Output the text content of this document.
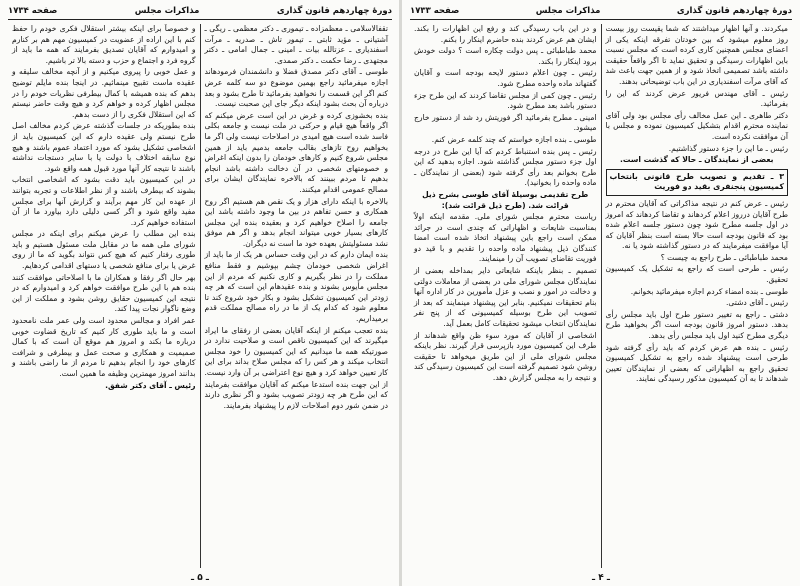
دورهٔ چهاردهم قانون گذاری
مذاکرات مجلس
صفحه ۱۷۳۴

تقفالاسلامی ـ معظمزاده ـ تیموری ـ دکتر معظمی ـ ریگی ـ آشتیانی ـ مؤید ثابتی ـ تیمور تاش ـ صدریه ـ مرآت اسفندیاری ـ عزتالله بیات ـ امینی ـ جمال امامی ـ دکتر مجتهدی ـ رضا حکمت ـ دکتر صمدی.

طوسی ـ آقای دکتر مصدق فضلا و دانشمندان فرمودهاند اجازه میفرمائید راجع بهمین موضوع دو سه کلمه عرض کنم اگر این قسمت را نخواهید بفرمائید تا طرح بشود و بعد درباره آن بحث بشود اینکه دیگر جای این صحبت نیست.

بنده بخشوزی کرده و غرض در این است عرض میکنم که اگر واقعاً هیچ قیام و حرکتی در ملت نیست و جامعه بکلی فاسد شده است هیچ امیدی در اصلاحات نیست ولی اگر ما بخواهیم روح تازهای بقالب جامعه بدمیم باید از همین مجلس شروع کنیم و کارهای خودمان را بدون اینکه اغراض و خصومتهای شخصی در آن دخالت داشته باشد انجام بدهیم تا مردم ببینند که بالاخره نمایندگان ایشان برای مصالح عمومی اقدام میکنند.

بالاخره با اینکه دارای هزار و یک نقص هم هستیم اگر روح همکاری و حسن تفاهم در بین ما وجود داشته باشد این جامعه را اصلاح خواهیم کرد و بعقیده بنده این مجلس کارهای بسیار خوبی میتواند انجام بدهد و اگر هم موفق نشد مسئولیتش بعهده خود ما است نه دیگران.

بنده ایمان دارم که در این وقت حساس هر یک از ما باید از اغراض شخصی خودمان چشم بپوشیم و فقط منافع مملکت را در نظر بگیریم و کاری نکنیم که مردم از این مجلس مأیوس بشوند و بنده عقیدهام این است که هر چه زودتر این کمیسیون تشکیل بشود و بکار خود شروع کند تا معلوم شود که کدام یک از ما در راه مصالح مملکت قدم برمیداریم.

بنده تعجب میکنم از اینکه آقایان بعضی از رفقای ما ایراد میگیرند که این کمیسیون ناقص است و صلاحیت ندارد در صورتیکه همه ما میدانیم که این کمیسیون را خود مجلس انتخاب میکند و هر کس را که مجلس صلاح بداند برای این کار تعیین خواهد کرد و هیچ نوع اعتراضی بر آن وارد نیست.

از این جهت بنده استدعا میکنم که آقایان موافقت بفرمایند که این طرح هر چه زودتر تصویب بشود و اگر نظری دارند در ضمن شور دوم اصلاحات لازم را پیشنهاد بفرمایند.

و خصوصاً برای اینکه بیشتر استقلال فکری خودم را حفظ کنم با این اراده از عضویت در کمیسیون مهم هم بر کنارم و امیدوارم که آقایان تصدیق بفرمایند که همه ما باید از گروه فرد و اجتماع و حزب و دسته بالا تر باشیم.

و عمل خوبی را پیروی میکنیم و از آنچه مخالف سلیقه و عقیده ماست تقبیح مینمائیم. در اینجا بنده مایلم توضیح بدهم که بنده همیشه با کمال بیطرفی نظریات خودم را در مجلس اظهار کرده و خواهم کرد و هیچ وقت حاضر نیستم که این استقلال فکری را از دست بدهم.

بنده بطوریکه در جلسات گذشته عرض کردم مخالف اصل طرح نیستم ولی عقیده دارم که این کمیسیون باید از اشخاصی تشکیل بشود که مورد اعتماد عموم باشند و هیچ نوع سابقه اختلاف با دولت یا با سایر دستجات نداشته باشند تا نتیجه کار آنها مورد قبول همه واقع شود.

در این کمیسیون باید دقت بشود که اشخاصی انتخاب بشوند که بیطرف باشند و از نظر اطلاعات و تجربه بتوانند از عهده این کار مهم برآیند و گزارش آنها برای مجلس مفید واقع شود و اگر کسی دلیلی دارد بیاورد ما از آن استفاده خواهیم کرد.

بنده این مطلب را عرض میکنم برای اینکه در مجلس شورای ملی همه ما در مقابل ملت مسئول هستیم و باید طوری رفتار کنیم که هیچ کس نتواند بگوید که ما از روی غرض یا برای منافع شخصی یا دستهای اقدامی کردهایم.

بهر حال اگر رفقا و همکاران ما با اصلاحاتی موافقت کنند بنده هم با این طرح موافقت خواهم کرد و امیدوارم که در نتیجه این کمیسیون حقایق روشن بشود و مملکت از این وضع ناگوار نجات پیدا کند.

عمر افراد و مجالس محدود است ولی عمر ملت نامحدود است و ما باید طوری کار کنیم که تاریخ قضاوت خوبی درباره ما بکند و امروز هم موقع آن است که با کمال صمیمیت و همکاری و صحت عمل و بیطرفی و شرافت کارهای خود را انجام بدهیم تا مردم از ما راضی باشند و بدانند امروز مهمترین وظیفه ما همین است.

رئیس ـ آقای دکتر شفق.

ـ ۵ ـ
دورهٔ چهاردهم قانون گذاری
مذاکرات مجلس
صفحه ۱۷۳۳

میکردند. و آنها اظهار میداشتند که شما یقیست روز بیست روز معلوم میشود که بین خودتان تفرقه اینکه یکی از اعضای مجلس همچنین کاری کرده است که مجلس نسبت باین اظهارات رسیدگی و تحقیق نماید تا اگر واقعاً حقیقت داشته باشد تصمیمی اتخاذ شود و از همین جهت باعث شد که آقای مرآت اسفندیاری در این باب توضیحاتی بدهند.

رئیس ـ آقای مهندس فریور عرض کردند که این را بفرمائید.

دکتر طاهری ـ این عمل مخالف رأی مجلس بود ولی آقای نماینده محترم اقدام بتشکیل کمیسیون نموده و مجلس با آن موافقت نکرده است.

رئیس ـ ما این را جزء دستور گذاشتیم.

بعضی از نمایندگان ـ حالا که گذشت است.

۳ ـ تقدیم و تصویب طرح قانونی بانتخاب کمیسیون پنجنفری بقید دو فوریت

رئیس ـ عرض کنم در نتیجه مذاکراتی که آقایان محترم در طرح آقایان درروز اعلام کردهاند و تقاضا کردهاند که امروز در اول جلسه مطرح شود چون دستور جلسه اعلام شده بود که قانون بودجه است حالا بسته است بنظر آقایان که آیا موافقت میفرمایند که در دستور گذاشته شود یا نه.

محمد طباطبائی ـ طرح راجع به چیست ؟

رئیس ـ طرحی است که راجع به تشکیل یک کمیسیون تحقیق.

طوسی ـ بنده امضاء کردم اجازه میفرمائید بخوانم.

رئیس ـ آقای دشتی.

دشتی ـ راجع به تغییر دستور طرح اول باید مجلس رأی بدهد. دستور امروز قانون بودجه است اگر بخواهید طرح دیگری مطرح کنید اول باید مجلس رأی بدهد.

رئیس ـ بنده هم عرض کردم که باید رأی گرفته شود طرحی است پیشنهاد شده راجع به تشکیل کمیسیون تحقیق راجع به اظهاراتی که بعضی از نمایندگان تعیین شدهاند تا به آن کمیسیون مذکور رسیدگی نمایند.

و در این باب رسیدگی کند و رفع این اظهارات را بکند. ایشان هم عرض کردند بنده حاضرم اینکار را بکنم.

محمد طباطبائی ـ پس دولت چکاره است ؟ دولت خودش برود اینکار را بکند.

رئیس ـ چون اعلام دستور لایحه بودجه است و آقایان گفتهاند ماده واحده مطرح شود.

رئیس ـ چون کمی از مجلس تقاضا کردند که این طرح جزء دستور باشد بعد مطرح شود.

امینی ـ مطرح بفرمائید اگر فوریتش رد شد از دستور خارج میشود.

طوسی ـ بنده اجازه خواستم که چند کلمه عرض کنم.

رئیس ـ پس بنده استنباط کردم که آیا این طرح در درجه اول جزء دستور مجلس گذاشته شود. اجازه بدهید که این طرح بخوانم بعد رأی گرفته شود (بعضی از نمایندگان ـ ماده واحده را بخوانید).

طرح تقدیمی بوسیلهٔ آقای طوسی بشرح ذیل قرائت شد. (طرح ذیل قرائت شد):

ریاست محترم مجلس شورای ملی. مقدمه اینکه اولاً بمناسبت شایعات و اظهاراتی که چندی است در جرائد ممکن است راجع باین پیشنهاد اتخاذ شده است امضا کنندگان ذیل پیشنهاد ماده واحده را تقدیم و با قید دو فوریت تقاضای تصویب آن را مینمایند.

تصمیم ـ بنظر باینکه شایعاتی دایر بمداخله بعضی از نمایندگان مجلس شورای ملی در بعضی از معاملات دولتی و دخالت در امور و نصب و عزل مأمورین در کار اداره آنها بنام تحقیقات نمیکنیم. بنابر این پیشنهاد مینمایند که بعد از تصویب این طرح بوسیله کمیسیونی که از پنج نفر نمایندگان انتخاب میشود تحقیقات کامل بعمل آید.

اشخاصی از آقایان که مورد سوء ظن واقع شدهاند از طرف این کمیسیون مورد بازپرسی قرار گیرند. نظر باینکه مجلس شورای ملی از این طریق میخواهد تا حقیقت روشن شود تصمیم گرفته است این کمیسیون رسیدگی کند و نتیجه را به مجلس گزارش دهد.

ـ ۴ ـ
